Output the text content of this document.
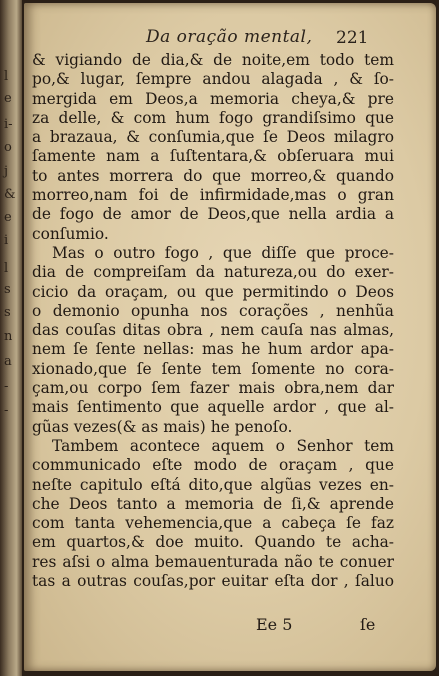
l
e
i-
o
j
&
e
i
l
s
s
n
a
-
-
Da oração mental, 221
& vigiando de dia,& de noite,em todo tem
po,& lugar, ſempre andou alagada , & ſo-
mergida em Deos,a memoria cheya,& pre
za delle, & com hum fogo grandiſsimo que
a brazaua, & conſumia,que ſe Deos milagro
ſamente nam a ſuſtentara,& obſeruara mui
to antes morrera do que morreo,& quando
morreo,nam foi de infirmidade,mas o gran
de fogo de amor de Deos,que nella ardia a
conſumio.
Mas o outro fogo , que diſſe que proce-
dia de compreiſam da natureza,ou do exer-
cicio da oraçam, ou que permitindo o Deos
o demonio opunha nos corações , nenhũa
das couſas ditas obra , nem cauſa nas almas,
nem ſe ſente nellas: mas he hum ardor apa-
xionado,que ſe ſente tem ſomente no cora-
çam,ou corpo ſem fazer mais obra,nem dar
mais ſentimento que aquelle ardor , que al-
gũas vezes(& as mais) he penoſo.
Tambem acontece aquem o Senhor tem
communicado eſte modo de oraçam , que
neſte capitulo eſtá dito,que algũas vezes en-
che Deos tanto a memoria de ſi,& aprende
com tanta vehemencia,que a cabeça ſe faz
em quartos,& doe muito. Quando te acha-
res aſsi o alma bemauenturada não te conuer
tas a outras couſas,por euitar eſta dor , ſaluo
Ee 5	ſe
